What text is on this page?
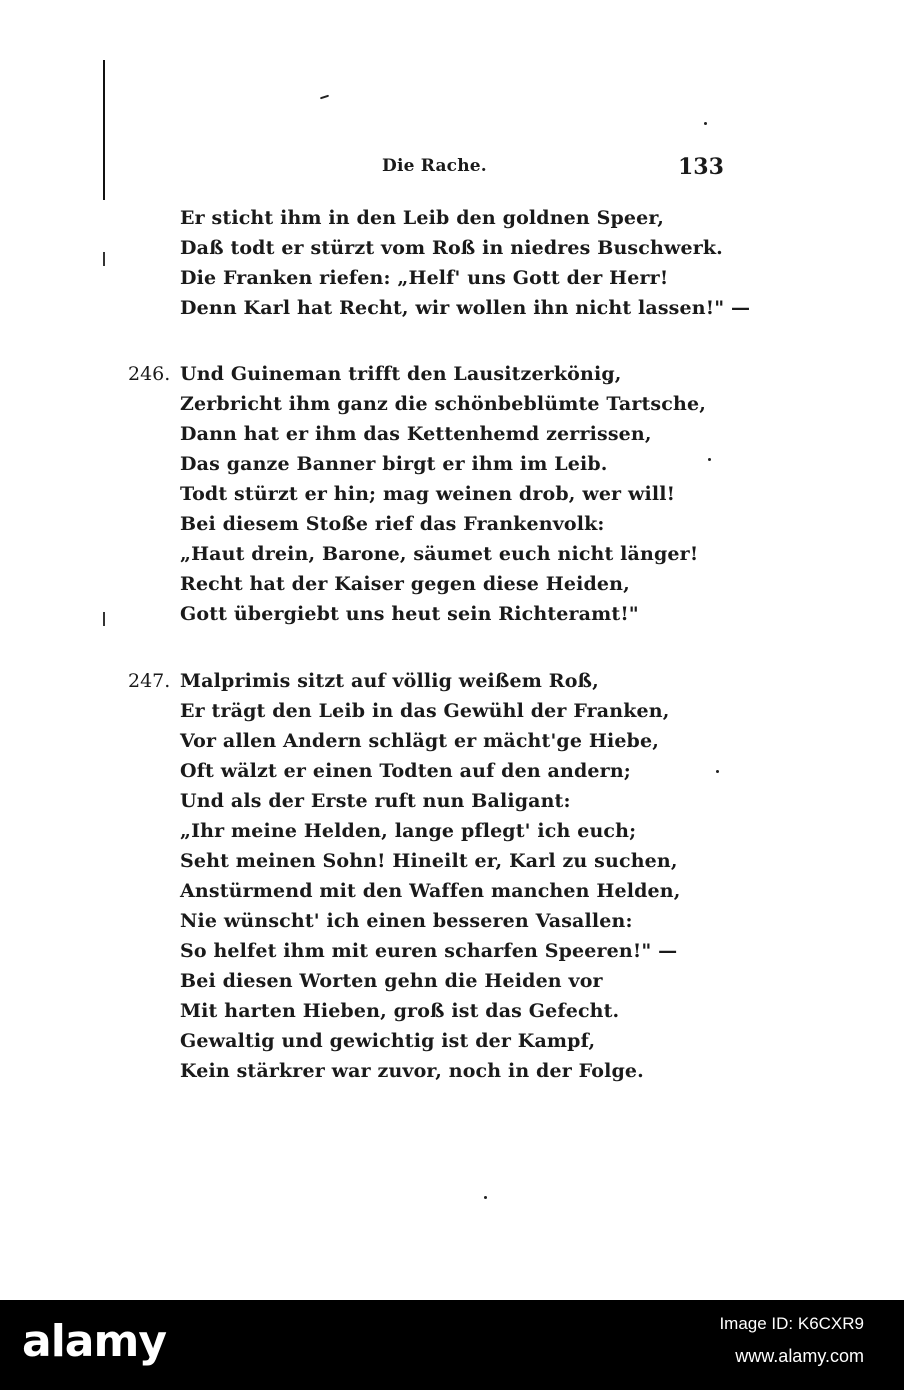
Die Rache.	133
Er sticht ihm in den Leib den goldnen Speer,
Daß todt er stürzt vom Roß in niedres Buschwerk.
Die Franken riefen: „Helf' uns Gott der Herr!
Denn Karl hat Recht, wir wollen ihn nicht lassen!" —
246. Und Guineman trifft den Lausitzerkönig,
Zerbricht ihm ganz die schönbeblümte Tartsche,
Dann hat er ihm das Kettenhemd zerrissen,
Das ganze Banner birgt er ihm im Leib.
Todt stürzt er hin; mag weinen drob, wer will!
Bei diesem Stoße rief das Frankenvolk:
„Haut drein, Barone, säumet euch nicht länger!
Recht hat der Kaiser gegen diese Heiden,
Gott übergiebt uns heut sein Richteramt!"
247. Malprimis sitzt auf völlig weißem Roß,
Er trägt den Leib in das Gewühl der Franken,
Vor allen Andern schlägt er mächt'ge Hiebe,
Oft wälzt er einen Todten auf den andern;
Und als der Erste ruft nun Baligant:
„Ihr meine Helden, lange pflegt' ich euch;
Seht meinen Sohn! Hineilt er, Karl zu suchen,
Anstürmend mit den Waffen manchen Helden,
Nie wünscht' ich einen besseren Vasallen:
So helfet ihm mit euren scharfen Speeren!" —
Bei diesen Worten gehn die Heiden vor
Mit harten Hieben, groß ist das Gefecht.
Gewaltig und gewichtig ist der Kampf,
Kein stärkrer war zuvor, noch in der Folge.
alamy	Image ID: K6CXR9
www.alamy.com
